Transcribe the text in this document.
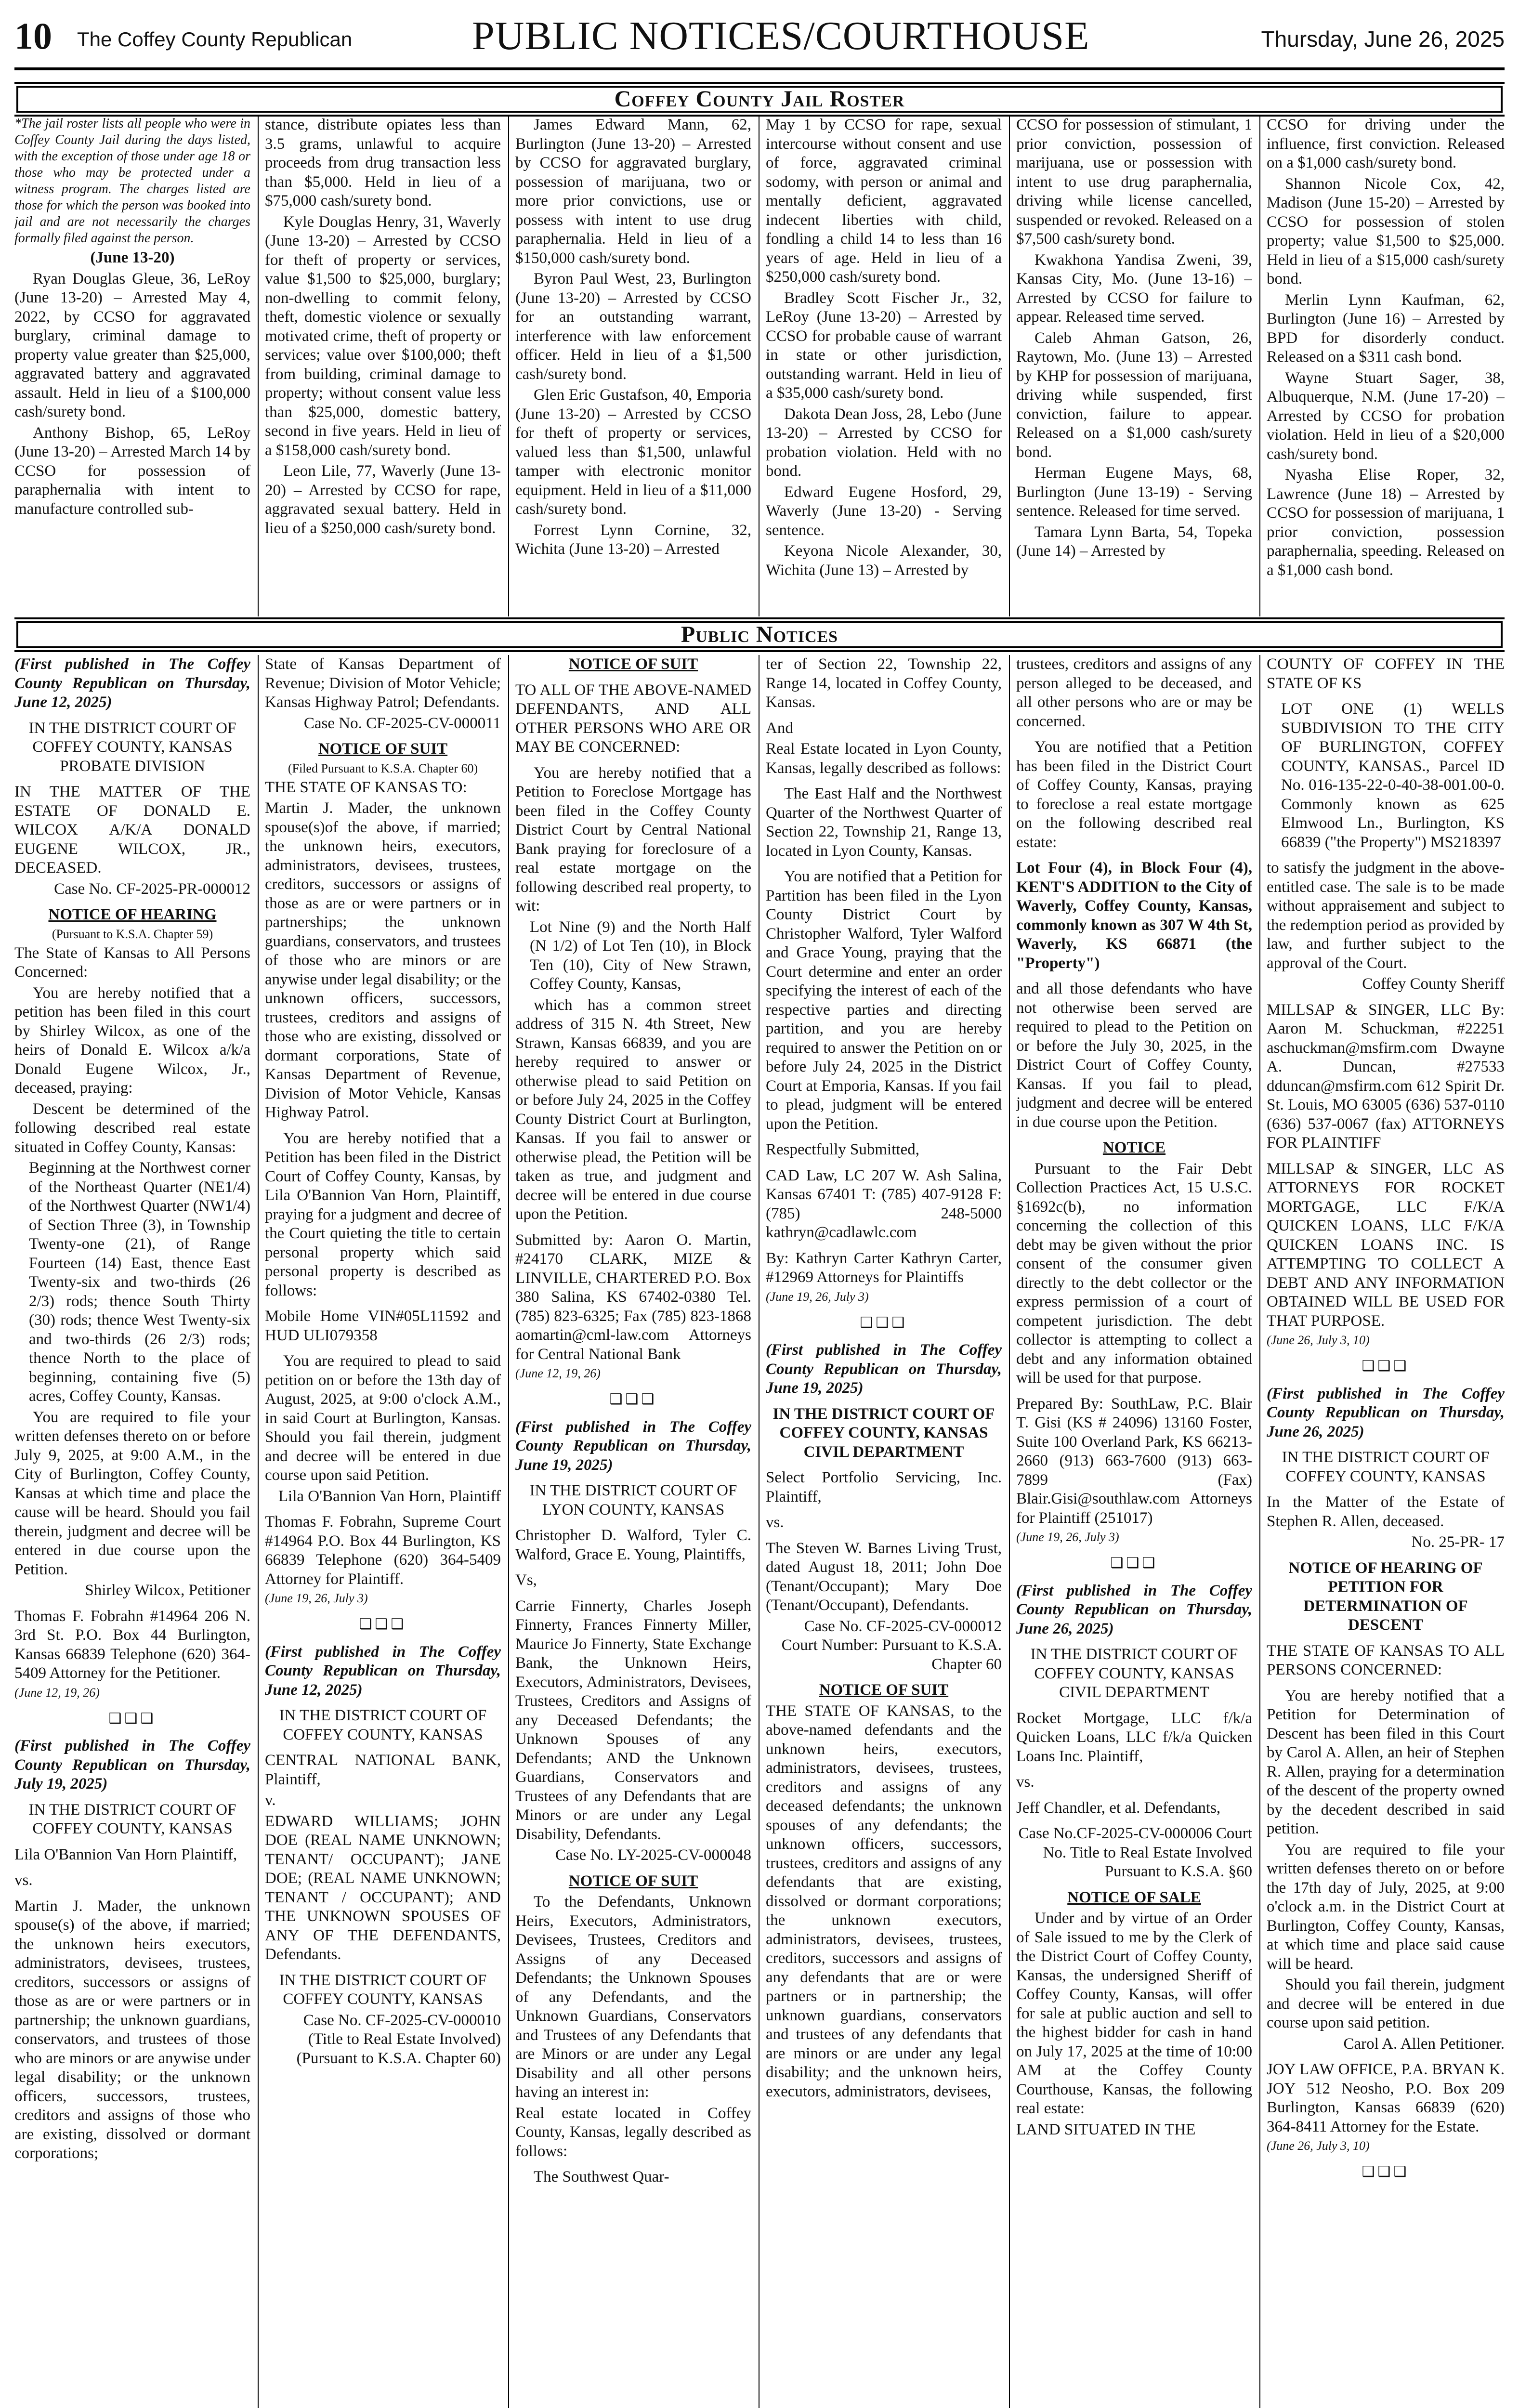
10 The Coffey County Republican	PUBLIC NOTICES/COURTHOUSE	Thursday, June 26, 2025
Coffey County Jail Roster

*The jail roster lists all people who were in Coffey County Jail during the days listed, with the exception of those under age 18 or those who may be protected under a witness program. The charges listed are those for which the person was booked into jail and are not necessarily the charges formally filed against the person.

(June 13-20)

Ryan Douglas Gleue, 36, LeRoy (June 13-20) – Arrested May 4, 2022, by CCSO for aggravated burglary, criminal damage to property value greater than $25,000, aggravated battery and aggravated assault. Held in lieu of a $100,000 cash/surety bond.

Anthony Bishop, 65, LeRoy (June 13-20) – Arrested March 14 by CCSO for possession of paraphernalia with intent to manufacture controlled sub-

stance, distribute opiates less than 3.5 grams, unlawful to acquire proceeds from drug transaction less than $5,000. Held in lieu of a $75,000 cash/surety bond.

Kyle Douglas Henry, 31, Waverly (June 13-20) – Arrested by CCSO for theft of property or services, value $1,500 to $25,000, burglary; non-dwelling to commit felony, theft, domestic violence or sexually motivated crime, theft of property or services; value over $100,000; theft from building, criminal damage to property; without consent value less than $25,000, domestic battery, second in five years. Held in lieu of a $158,000 cash/surety bond.

Leon Lile, 77, Waverly (June 13-20) – Arrested by CCSO for rape, aggravated sexual battery. Held in lieu of a $250,000 cash/surety bond.

James Edward Mann, 62, Burlington (June 13-20) – Arrested by CCSO for aggravated burglary, possession of marijuana, two or more prior convictions, use or possess with intent to use drug paraphernalia. Held in lieu of a $150,000 cash/surety bond.

Byron Paul West, 23, Burlington (June 13-20) – Arrested by CCSO for an outstanding warrant, interference with law enforcement officer. Held in lieu of a $1,500 cash/surety bond.

Glen Eric Gustafson, 40, Emporia (June 13-20) – Arrested by CCSO for theft of property or services, valued less than $1,500, unlawful tamper with electronic monitor equipment. Held in lieu of a $11,000 cash/surety bond.

Forrest Lynn Cornine, 32, Wichita (June 13-20) – Arrested

May 1 by CCSO for rape, sexual intercourse without consent and use of force, aggravated criminal sodomy, with person or animal and mentally deficient, aggravated indecent liberties with child, fondling a child 14 to less than 16 years of age. Held in lieu of a $250,000 cash/surety bond.

Bradley Scott Fischer Jr., 32, LeRoy (June 13-20) – Arrested by CCSO for probable cause of warrant in state or other jurisdiction, outstanding warrant. Held in lieu of a $35,000 cash/surety bond.

Dakota Dean Joss, 28, Lebo (June 13-20) – Arrested by CCSO for probation violation. Held with no bond.

Edward Eugene Hosford, 29, Waverly (June 13-20) - Serving sentence.

Keyona Nicole Alexander, 30, Wichita (June 13) – Arrested by

CCSO for possession of stimulant, 1 prior conviction, possession of marijuana, use or possession with intent to use drug paraphernalia, driving while license cancelled, suspended or revoked. Released on a $7,500 cash/surety bond.

Kwakhona Yandisa Zweni, 39, Kansas City, Mo. (June 13-16) – Arrested by CCSO for failure to appear. Released time served.

Caleb Ahman Gatson, 26, Raytown, Mo. (June 13) – Arrested by KHP for possession of marijuana, driving while suspended, first conviction, failure to appear. Released on a $1,000 cash/surety bond.

Herman Eugene Mays, 68, Burlington (June 13-19) - Serving sentence. Released for time served.

Tamara Lynn Barta, 54, Topeka (June 14) – Arrested by

CCSO for driving under the influence, first conviction. Released on a $1,000 cash/surety bond.

Shannon Nicole Cox, 42, Madison (June 15-20) – Arrested by CCSO for possession of stolen property; value $1,500 to $25,000. Held in lieu of a $15,000 cash/surety bond.

Merlin Lynn Kaufman, 62, Burlington (June 16) – Arrested by BPD for disorderly conduct. Released on a $311 cash bond.

Wayne Stuart Sager, 38, Albuquerque, N.M. (June 17-20) – Arrested by CCSO for probation violation. Held in lieu of a $20,000 cash/surety bond.

Nyasha Elise Roper, 32, Lawrence (June 18) – Arrested by CCSO for possession of marijuana, 1 prior conviction, possession paraphernalia, speeding. Released on a $1,000 cash bond.

Public Notices

(First published in The Coffey County Republican on Thursday, June 12, 2025)

IN THE DISTRICT COURT OF COFFEY COUNTY, KANSAS PROBATE DIVISION

IN THE MATTER OF THE ESTATE OF DONALD E. WILCOX A/K/A DONALD EUGENE WILCOX, JR., DECEASED.

Case No. CF-2025-PR-000012

NOTICE OF HEARING

(Pursuant to K.S.A. Chapter 59)

The State of Kansas to All Persons Concerned:

You are hereby notified that a petition has been filed in this court by Shirley Wilcox, as one of the heirs of Donald E. Wilcox a/k/a Donald Eugene Wilcox, Jr., deceased, praying:

Descent be determined of the following described real estate situated in Coffey County, Kansas:

Beginning at the Northwest corner of the Northeast Quarter (NE1/4) of the Northwest Quarter (NW1/4) of Section Three (3), in Township Twenty-one (21), of Range Fourteen (14) East, thence East Twenty-six and two-thirds (26 2/3) rods; thence South Thirty (30) rods; thence West Twenty-six and two-thirds (26 2/3) rods; thence North to the place of beginning, containing five (5) acres, Coffey County, Kansas.

You are required to file your written defenses thereto on or before July 9, 2025, at 9:00 A.M., in the City of Burlington, Coffey County, Kansas at which time and place the cause will be heard. Should you fail therein, judgment and decree will be entered in due course upon the Petition.

Shirley Wilcox, Petitioner

Thomas F. Fobrahn #14964 206 N. 3rd St. P.O. Box 44 Burlington, Kansas 66839 Telephone (620) 364-5409 Attorney for the Petitioner.

(June 12, 19, 26)

❑❑❑

(First published in The Coffey County Republican on Thursday, July 19, 2025)

IN THE DISTRICT COURT OF COFFEY COUNTY, KANSAS

Lila O'Bannion Van Horn Plaintiff,

vs.

Martin J. Mader, the unknown spouse(s) of the above, if married; the unknown heirs executors, administrators, devisees, trustees, creditors, successors or assigns of those as are or were partners or in partnership; the unknown guardians, conservators, and trustees of those who are minors or are anywise under legal disability; or the unknown officers, successors, trustees, creditors and assigns of those who are existing, dissolved or dormant corporations;

State of Kansas Department of Revenue; Division of Motor Vehicle; Kansas Highway Patrol; Defendants.

Case No. CF-2025-CV-000011

NOTICE OF SUIT

(Filed Pursuant to K.S.A. Chapter 60)

THE STATE OF KANSAS TO:

Martin J. Mader, the unknown spouse(s)of the above, if married; the unknown heirs, executors, administrators, devisees, trustees, creditors, successors or assigns of those as are or were partners or in partnerships; the unknown guardians, conservators, and trustees of those who are minors or are anywise under legal disability; or the unknown officers, successors, trustees, creditors and assigns of those who are existing, dissolved or dormant corporations, State of Kansas Department of Revenue, Division of Motor Vehicle, Kansas Highway Patrol.

You are hereby notified that a Petition has been filed in the District Court of Coffey County, Kansas, by Lila O'Bannion Van Horn, Plaintiff, praying for a judgment and decree of the Court quieting the title to certain personal property which said personal property is described as follows:

Mobile Home VIN#05L11592 and HUD ULI079358

You are required to plead to said petition on or before the 13th day of August, 2025, at 9:00 o'clock A.M., in said Court at Burlington, Kansas. Should you fail therein, judgment and decree will be entered in due course upon said Petition.

Lila O'Bannion Van Horn, Plaintiff

Thomas F. Fobrahn, Supreme Court #14964 P.O. Box 44 Burlington, KS 66839 Telephone (620) 364-5409 Attorney for Plaintiff.

(June 19, 26, July 3)

❑❑❑

(First published in The Coffey County Republican on Thursday, June 12, 2025)

IN THE DISTRICT COURT OF COFFEY COUNTY, KANSAS

CENTRAL NATIONAL BANK, Plaintiff,

v.

EDWARD WILLIAMS; JOHN DOE (REAL NAME UNKNOWN; TENANT/ OCCUPANT); JANE DOE; (REAL NAME UNKNOWN; TENANT / OCCUPANT); AND THE UNKNOWN SPOUSES OF ANY OF THE DEFENDANTS, Defendants.

IN THE DISTRICT COURT OF COFFEY COUNTY, KANSAS

Case No. CF-2025-CV-000010 (Title to Real Estate Involved) (Pursuant to K.S.A. Chapter 60)

NOTICE OF SUIT

TO ALL OF THE ABOVE-NAMED DEFENDANTS, AND ALL OTHER PERSONS WHO ARE OR MAY BE CONCERNED:

You are hereby notified that a Petition to Foreclose Mortgage has been filed in the Coffey County District Court by Central National Bank praying for foreclosure of a real estate mortgage on the following described real property, to wit:

Lot Nine (9) and the North Half (N 1/2) of Lot Ten (10), in Block Ten (10), City of New Strawn, Coffey County, Kansas,

which has a common street address of 315 N. 4th Street, New Strawn, Kansas 66839, and you are hereby required to answer or otherwise plead to said Petition on or before July 24, 2025 in the Coffey County District Court at Burlington, Kansas. If you fail to answer or otherwise plead, the Petition will be taken as true, and judgment and decree will be entered in due course upon the Petition.

Submitted by: Aaron O. Martin, #24170 CLARK, MIZE & LINVILLE, CHARTERED P.O. Box 380 Salina, KS 67402-0380 Tel. (785) 823-6325; Fax (785) 823-1868 aomartin@cml-law.com Attorneys for Central National Bank

(June 12, 19, 26)

❑❑❑

(First published in The Coffey County Republican on Thursday, June 19, 2025)

IN THE DISTRICT COURT OF LYON COUNTY, KANSAS

Christopher D. Walford, Tyler C. Walford, Grace E. Young, Plaintiffs,

Vs,

Carrie Finnerty, Charles Joseph Finnerty, Frances Finnerty Miller, Maurice Jo Finnerty, State Exchange Bank, the Unknown Heirs, Executors, Administrators, Devisees, Trustees, Creditors and Assigns of any Deceased Defendants; the Unknown Spouses of any Defendants; AND the Unknown Guardians, Conservators and Trustees of any Defendants that are Minors or are under any Legal Disability, Defendants.

Case No. LY-2025-CV-000048

NOTICE OF SUIT

To the Defendants, Unknown Heirs, Executors, Administrators, Devisees, Trustees, Creditors and Assigns of any Deceased Defendants; the Unknown Spouses of any Defendants, and the Unknown Guardians, Conservators and Trustees of any Defendants that are Minors or are under any Legal Disability and all other persons having an interest in:

Real estate located in Coffey County, Kansas, legally described as follows:

The Southwest Quar-

ter of Section 22, Township 22, Range 14, located in Coffey County, Kansas.

And

Real Estate located in Lyon County, Kansas, legally described as follows:

The East Half and the Northwest Quarter of the Northwest Quarter of Section 22, Township 21, Range 13, located in Lyon County, Kansas.

You are notified that a Petition for Partition has been filed in the Lyon County District Court by Christopher Walford, Tyler Walford and Grace Young, praying that the Court determine and enter an order specifying the interest of each of the respective parties and directing partition, and you are hereby required to answer the Petition on or before July 24, 2025 in the District Court at Emporia, Kansas. If you fail to plead, judgment will be entered upon the Petition.

Respectfully Submitted,

CAD Law, LC 207 W. Ash Salina, Kansas 67401 T: (785) 407-9128 F: (785) 248-5000 kathryn@cadlawlc.com

By: Kathryn Carter Kathryn Carter, #12969 Attorneys for Plaintiffs

(June 19, 26, July 3)

❑❑❑

(First published in The Coffey County Republican on Thursday, June 19, 2025)

IN THE DISTRICT COURT OF COFFEY COUNTY, KANSAS CIVIL DEPARTMENT

Select Portfolio Servicing, Inc. Plaintiff,

vs.

The Steven W. Barnes Living Trust, dated August 18, 2011; John Doe (Tenant/Occupant); Mary Doe (Tenant/Occupant), Defendants.

Case No. CF-2025-CV-000012 Court Number: Pursuant to K.S.A. Chapter 60

NOTICE OF SUIT

THE STATE OF KANSAS, to the above-named defendants and the unknown heirs, executors, administrators, devisees, trustees, creditors and assigns of any deceased defendants; the unknown spouses of any defendants; the unknown officers, successors, trustees, creditors and assigns of any defendants that are existing, dissolved or dormant corporations; the unknown executors, administrators, devisees, trustees, creditors, successors and assigns of any defendants that are or were partners or in partnership; the unknown guardians, conservators and trustees of any defendants that are minors or are under any legal disability; and the unknown heirs, executors, administrators, devisees,

trustees, creditors and assigns of any person alleged to be deceased, and all other persons who are or may be concerned.

You are notified that a Petition has been filed in the District Court of Coffey County, Kansas, praying to foreclose a real estate mortgage on the following described real estate:

Lot Four (4), in Block Four (4), KENT'S ADDITION to the City of Waverly, Coffey County, Kansas, commonly known as 307 W 4th St, Waverly, KS 66871 (the "Property")

and all those defendants who have not otherwise been served are required to plead to the Petition on or before the July 30, 2025, in the District Court of Coffey County, Kansas. If you fail to plead, judgment and decree will be entered in due course upon the Petition.

NOTICE

Pursuant to the Fair Debt Collection Practices Act, 15 U.S.C. §1692c(b), no information concerning the collection of this debt may be given without the prior consent of the consumer given directly to the debt collector or the express permission of a court of competent jurisdiction. The debt collector is attempting to collect a debt and any information obtained will be used for that purpose.

Prepared By: SouthLaw, P.C. Blair T. Gisi (KS # 24096) 13160 Foster, Suite 100 Overland Park, KS 66213-2660 (913) 663-7600 (913) 663-7899 (Fax) Blair.Gisi@southlaw.com Attorneys for Plaintiff (251017)

(June 19, 26, July 3)

❑❑❑

(First published in The Coffey County Republican on Thursday, June 26, 2025)

IN THE DISTRICT COURT OF COFFEY COUNTY, KANSAS CIVIL DEPARTMENT

Rocket Mortgage, LLC f/k/a Quicken Loans, LLC f/k/a Quicken Loans Inc. Plaintiff,

vs.

Jeff Chandler, et al. Defendants,

Case No.CF-2025-CV-000006 Court No. Title to Real Estate Involved Pursuant to K.S.A. §60

NOTICE OF SALE

Under and by virtue of an Order of Sale issued to me by the Clerk of the District Court of Coffey County, Kansas, the undersigned Sheriff of Coffey County, Kansas, will offer for sale at public auction and sell to the highest bidder for cash in hand on July 17, 2025 at the time of 10:00 AM at the Coffey County Courthouse, Kansas, the following real estate:

LAND SITUATED IN THE

COUNTY OF COFFEY IN THE STATE OF KS

LOT ONE (1) WELLS SUBDIVISION TO THE CITY OF BURLINGTON, COFFEY COUNTY, KANSAS., Parcel ID No. 016-135-22-0-40-38-001.00-0. Commonly known as 625 Elmwood Ln., Burlington, KS 66839 ("the Property") MS218397

to satisfy the judgment in the above-entitled case. The sale is to be made without appraisement and subject to the redemption period as provided by law, and further subject to the approval of the Court.

Coffey County Sheriff

MILLSAP & SINGER, LLC By: Aaron M. Schuckman, #22251 aschuckman@msfirm.com Dwayne A. Duncan, #27533 dduncan@msfirm.com 612 Spirit Dr. St. Louis, MO 63005 (636) 537-0110 (636) 537-0067 (fax) ATTORNEYS FOR PLAINTIFF

MILLSAP & SINGER, LLC AS ATTORNEYS FOR ROCKET MORTGAGE, LLC F/K/A QUICKEN LOANS, LLC F/K/A QUICKEN LOANS INC. IS ATTEMPTING TO COLLECT A DEBT AND ANY INFORMATION OBTAINED WILL BE USED FOR THAT PURPOSE.

(June 26, July 3, 10)

❑❑❑

(First published in The Coffey County Republican on Thursday, June 26, 2025)

IN THE DISTRICT COURT OF COFFEY COUNTY, KANSAS

In the Matter of the Estate of Stephen R. Allen, deceased.

No. 25-PR- 17

NOTICE OF HEARING OF PETITION FOR DETERMINATION OF DESCENT

THE STATE OF KANSAS TO ALL PERSONS CONCERNED:

You are hereby notified that a Petition for Determination of Descent has been filed in this Court by Carol A. Allen, an heir of Stephen R. Allen, praying for a determination of the descent of the property owned by the decedent described in said petition.

You are required to file your written defenses thereto on or before the 17th day of July, 2025, at 9:00 o'clock a.m. in the District Court at Burlington, Coffey County, Kansas, at which time and place said cause will be heard.

Should you fail therein, judgment and decree will be entered in due course upon said petition.

Carol A. Allen Petitioner.

JOY LAW OFFICE, P.A. BRYAN K. JOY 512 Neosho, P.O. Box 209 Burlington, Kansas 66839 (620) 364-8411 Attorney for the Estate.

(June 26, July 3, 10)

❑❑❑
